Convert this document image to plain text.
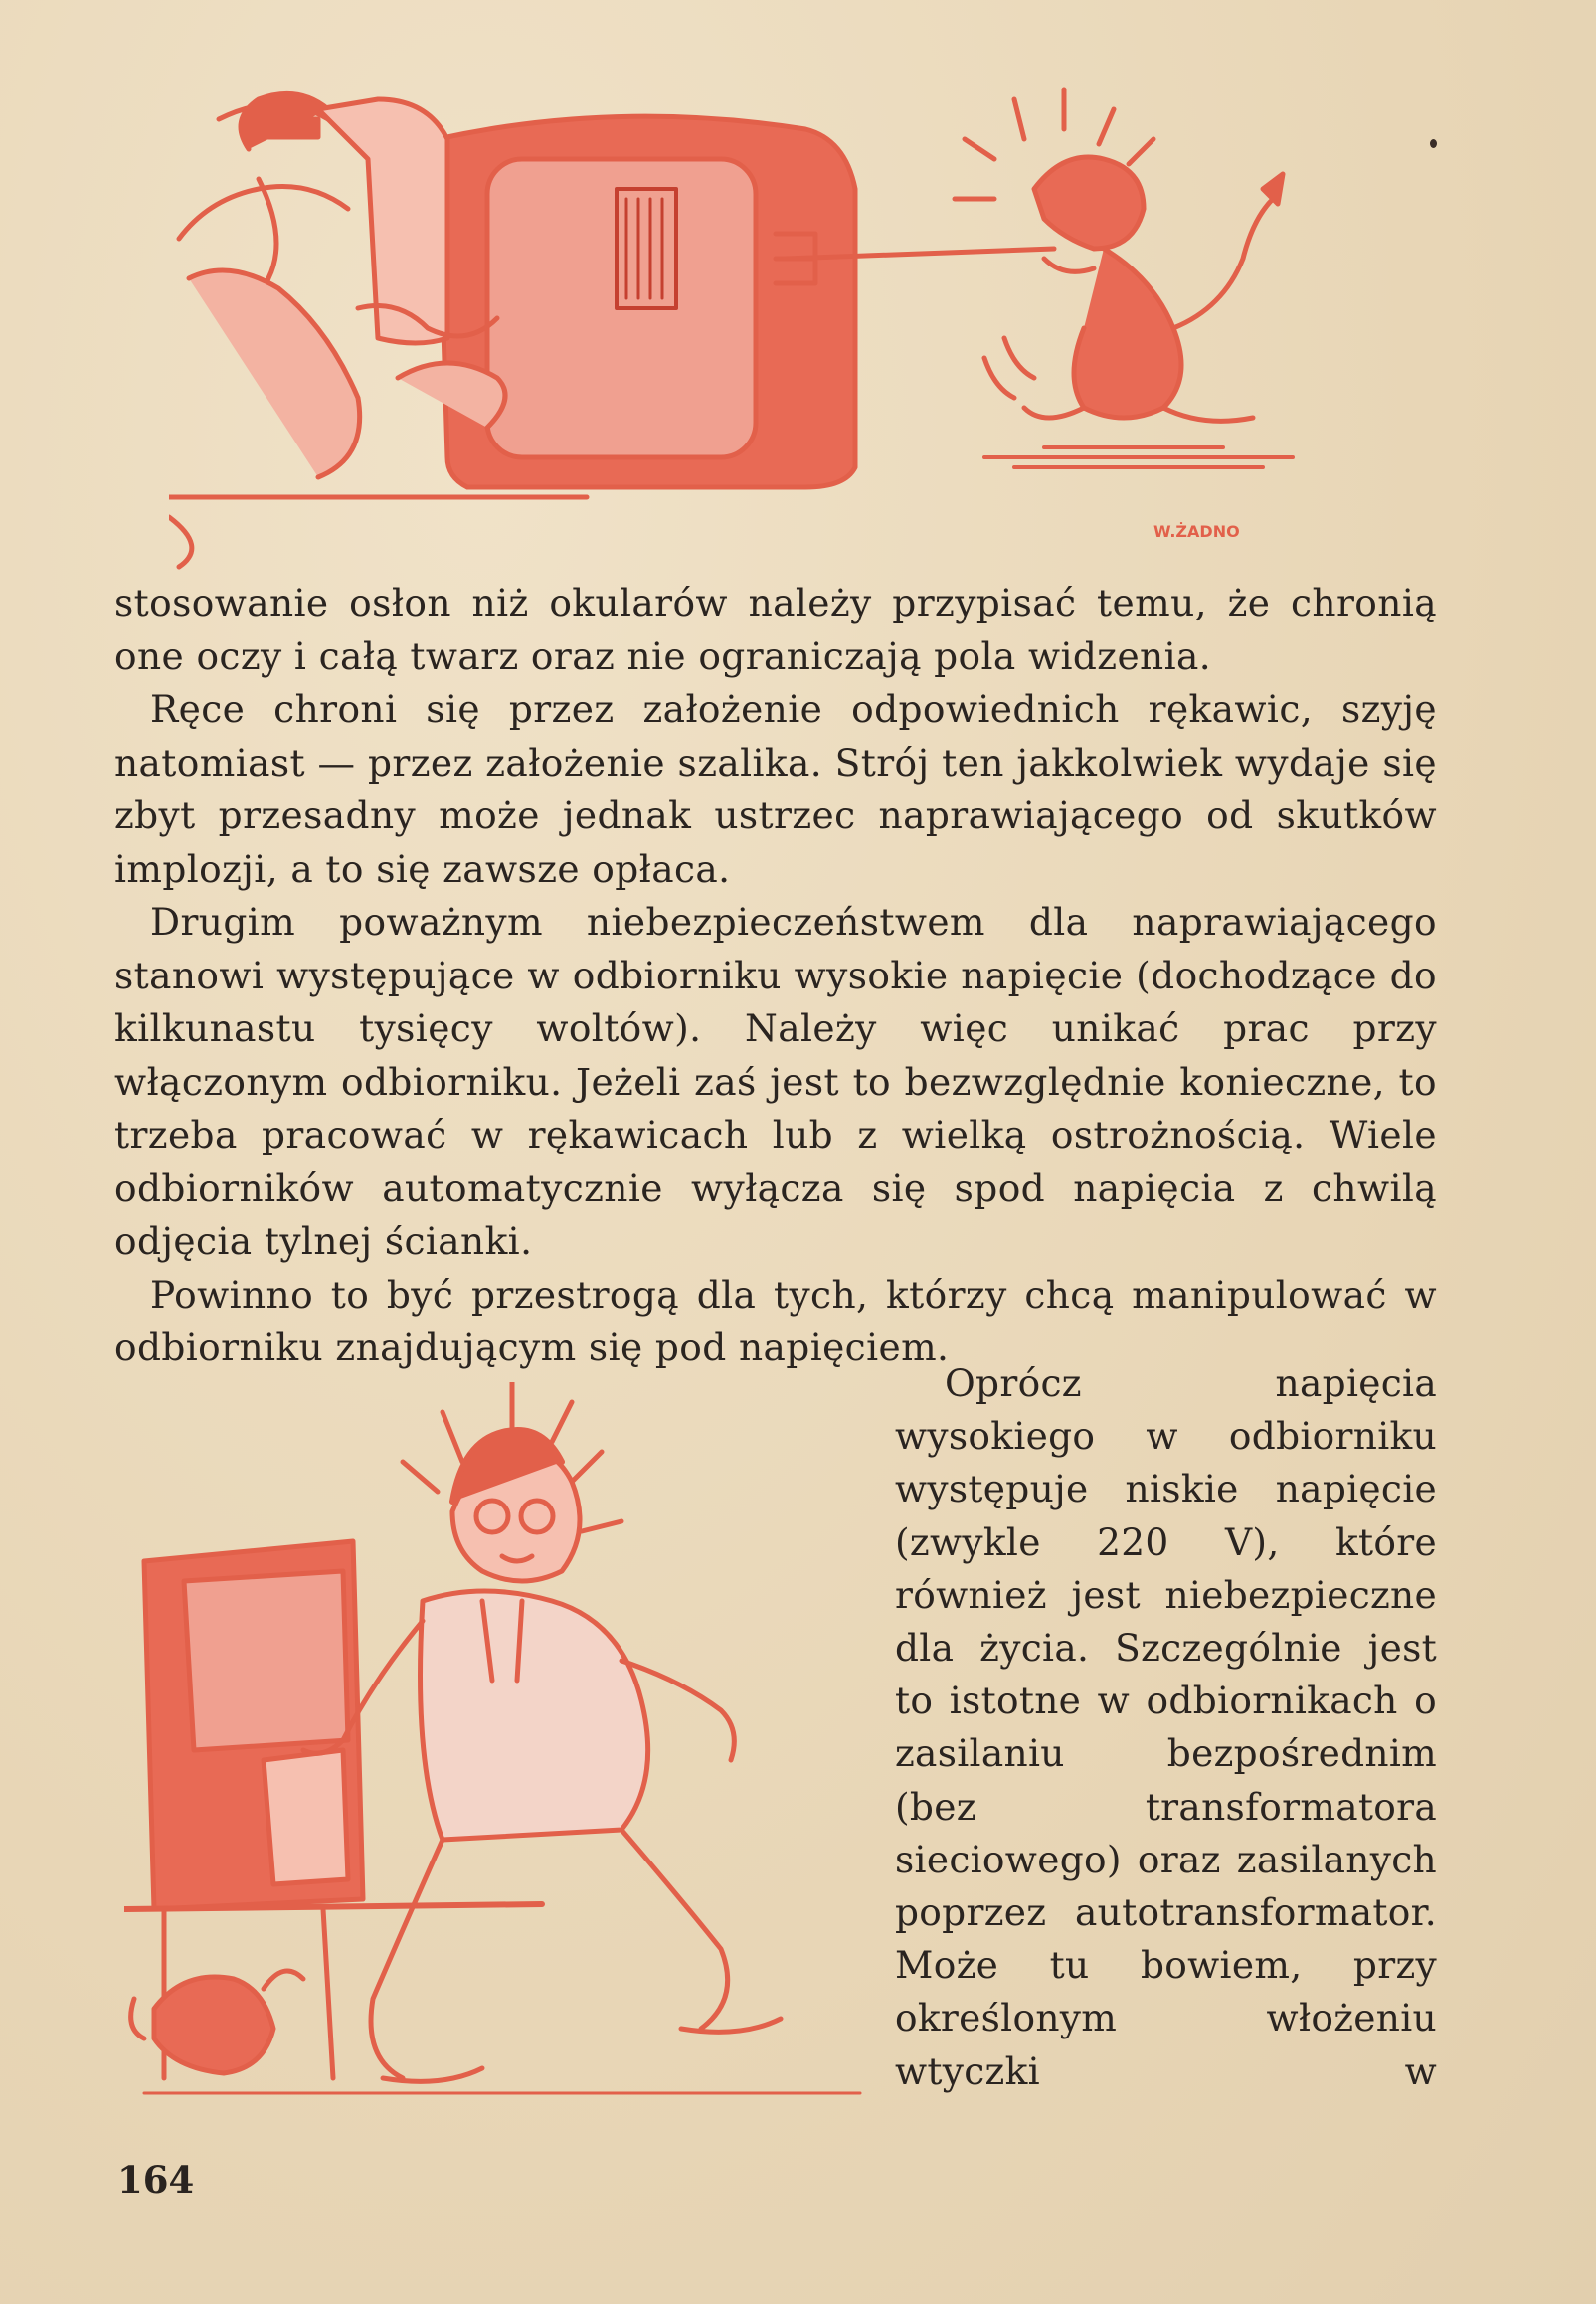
W.ŻADNO

stosowanie osłon niż okularów należy przypisać temu, że chronią one oczy i całą twarz oraz nie ograniczają pola widzenia.

Ręce chroni się przez założenie odpowiednich rękawic, szyję natomiast — przez założenie szalika. Strój ten jakkolwiek wydaje się zbyt przesadny może jednak ustrzec naprawiającego od skutków implozji, a to się zawsze opłaca.

Drugim poważnym niebezpieczeństwem dla naprawiającego stanowi występujące w odbiorniku wysokie napięcie (dochodzące do kilkunastu tysięcy woltów). Należy więc unikać prac przy włączonym odbiorniku. Jeżeli zaś jest to bezwzględnie konieczne, to trzeba pracować w rękawicach lub z wielką ostrożnością. Wiele odbiorników automatycznie wyłącza się spod napięcia z chwilą odjęcia tylnej ścianki.

Powinno to być przestrogą dla tych, którzy chcą manipulować w odbiorniku znajdującym się pod napięciem.

Oprócz napięcia wysokiego w odbiorniku występuje niskie napięcie (zwykle 220 V), które również jest niebezpieczne dla życia. Szczególnie jest to istotne w odbiornikach o zasilaniu bezpośrednim (bez transformatora sieciowego) oraz zasilanych poprzez autotransformator. Może tu bowiem, przy określonym włożeniu wtyczki w

164
